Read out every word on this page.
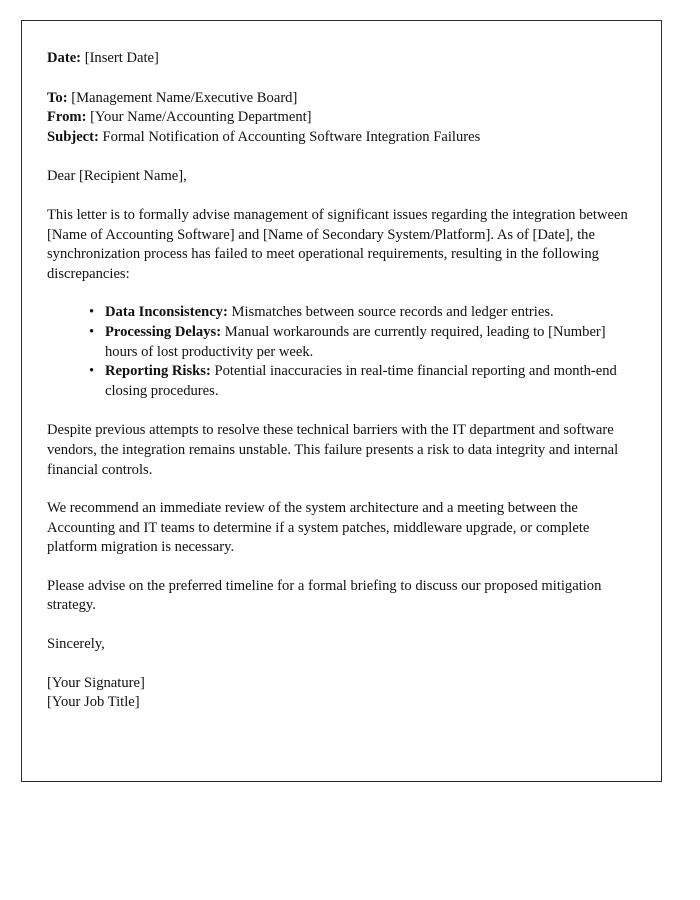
Date: [Insert Date]
To: [Management Name/Executive Board]
From: [Your Name/Accounting Department]
Subject: Formal Notification of Accounting Software Integration Failures

Dear [Recipient Name],

This letter is to formally advise management of significant issues regarding the integration between [Name of Accounting Software] and [Name of Secondary System/Platform]. As of [Date], the synchronization process has failed to meet operational requirements, resulting in the following discrepancies:

• Data Inconsistency: Mismatches between source records and ledger entries.
• Processing Delays: Manual workarounds are currently required, leading to [Number] hours of lost productivity per week.
• Reporting Risks: Potential inaccuracies in real-time financial reporting and month-end closing procedures.

Despite previous attempts to resolve these technical barriers with the IT department and software vendors, the integration remains unstable. This failure presents a risk to data integrity and internal financial controls.

We recommend an immediate review of the system architecture and a meeting between the Accounting and IT teams to determine if a system patches, middleware upgrade, or complete platform migration is necessary.

Please advise on the preferred timeline for a formal briefing to discuss our proposed mitigation strategy.

Sincerely,

[Your Signature]
[Your Job Title]
